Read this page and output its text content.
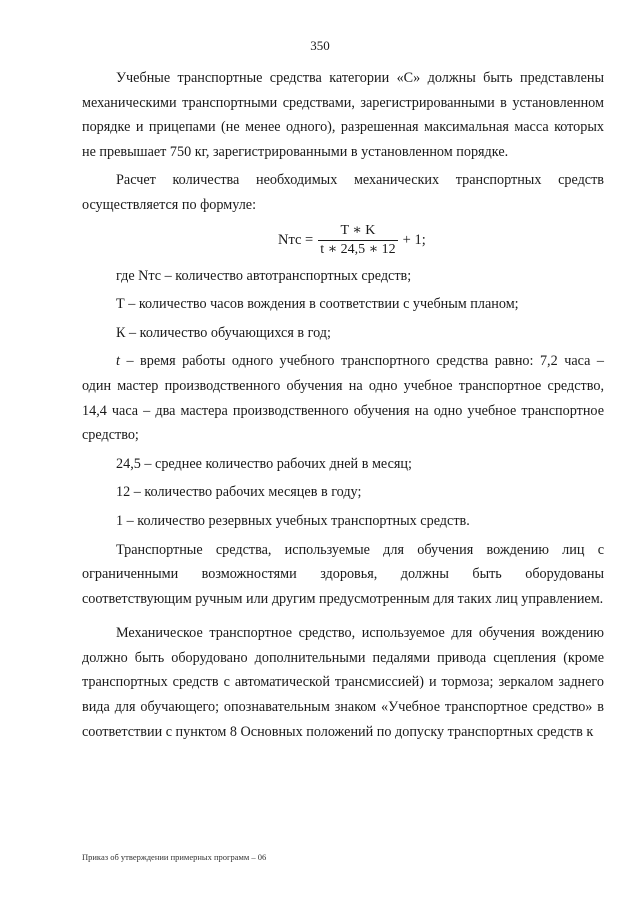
350

Учебные транспортные средства категории «С» должны быть представлены механическими транспортными средствами, зарегистрированными в установленном порядке и прицепами (не менее одного), разрешенная максимальная масса которых не превышает 750 кг, зарегистрированными в установленном порядке.

Расчет количества необходимых механических транспортных средств осуществляется по формуле:

Nтс = $\frac{T ∗ K}{t ∗ 24,5 ∗ 12} + 1$;

где Nтс – количество автотранспортных средств;

Т – количество часов вождения в соответствии с учебным планом;

К – количество обучающихся в год;

t – время работы одного учебного транспортного средства равно: 7,2 часа – один мастер производственного обучения на одно учебное транспортное средство, 14,4 часа – два мастера производственного обучения на одно учебное транспортное средство;

24,5 – среднее количество рабочих дней в месяц;

12 – количество рабочих месяцев в году;

1 – количество резервных учебных транспортных средств.

Транспортные средства, используемые для обучения вождению лиц с ограниченными возможностями здоровья, должны быть оборудованы соответствующим ручным или другим предусмотренным для таких лиц управлением.

Механическое транспортное средство, используемое для обучения вождению должно быть оборудовано дополнительными педалями привода сцепления (кроме транспортных средств с автоматической трансмиссией) и тормоза; зеркалом заднего вида для обучающего; опознавательным знаком «Учебное транспортное средство» в соответствии с пунктом 8 Основных положений по допуску транспортных средств к

Приказ об утверждении примерных программ – 06
